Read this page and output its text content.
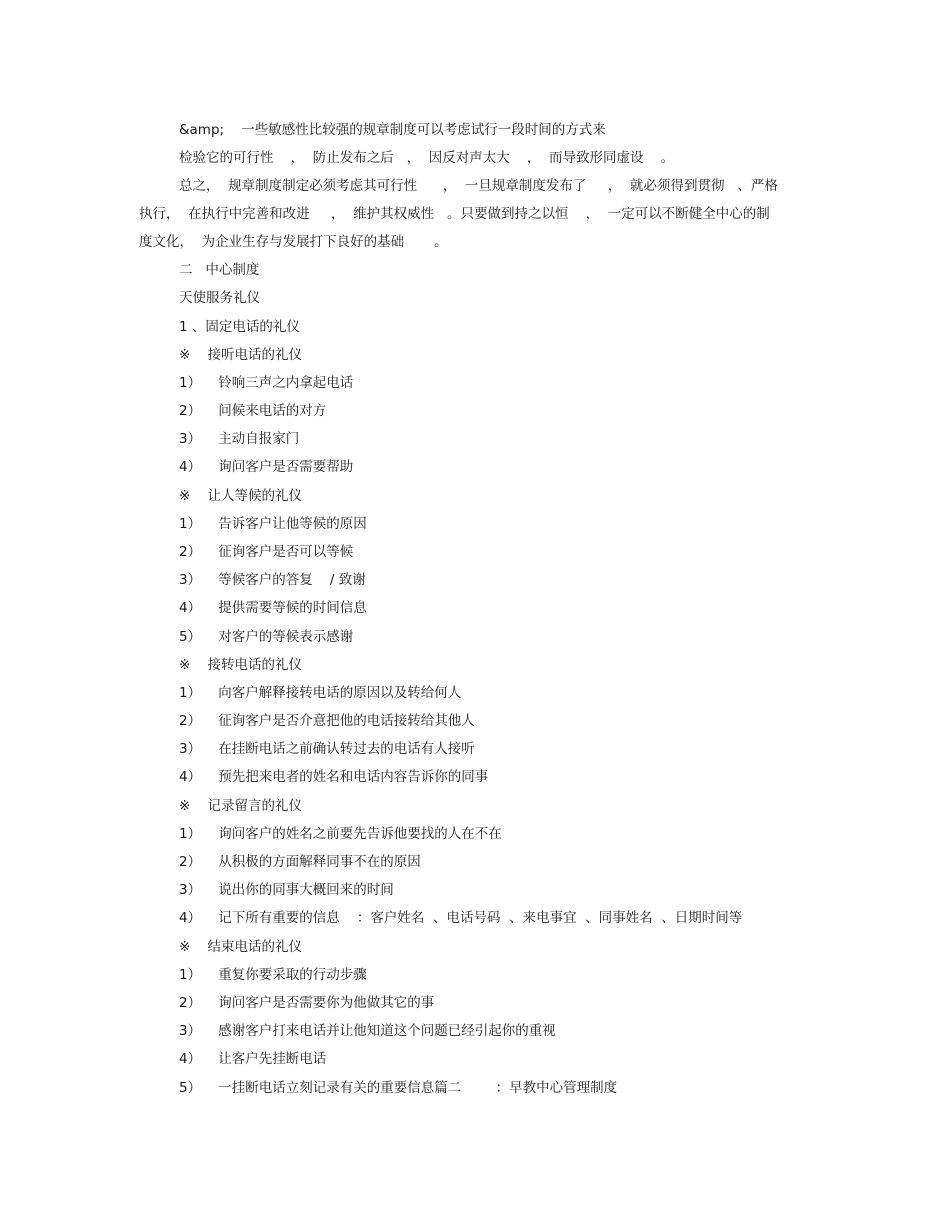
&amp;    一些敏感性比较强的规章制度可以考虑试行一段时间的方式来

检验它的可行性    ，  防止发布之后   ，  因反对声太大    ，  而导致形同虚设    。

总之，  规章制度制定必须考虑其可行性      ，  一旦规章制度发布了     ，  就必须得到贯彻   、严格

执行，  在执行中完善和改进     ，  维护其权威性   。只要做到持之以恒    ，  一定可以不断健全中心的制

度文化，  为企业生存与发展打下良好的基础       。

二   中心制度

天使服务礼仪

1 、固定电话的礼仪

※    接听电话的礼仪

1）    铃响三声之内拿起电话

2）    问候来电话的对方

3）    主动自报家门

4）    询问客户是否需要帮助

※    让人等候的礼仪

1）    告诉客户让他等候的原因

2）    征询客户是否可以等候

3）    等候客户的答复    / 致谢

4）    提供需要等候的时间信息

5）    对客户的等候表示感谢

※    接转电话的礼仪

1）    向客户解释接转电话的原因以及转给何人

2）    征询客户是否介意把他的电话接转给其他人

3）    在挂断电话之前确认转过去的电话有人接听

4）    预先把来电者的姓名和电话内容告诉你的同事

※    记录留言的礼仪

1）    询问客户的姓名之前要先告诉他要找的人在不在

2）    从积极的方面解释同事不在的原因

3）    说出你的同事大概回来的时间

4）    记下所有重要的信息    ：客户姓名  、电话号码  、来电事宜  、同事姓名  、日期时间等

※    结束电话的礼仪

1）    重复你要采取的行动步骤

2）    询问客户是否需要你为他做其它的事

3）    感谢客户打来电话并让他知道这个问题已经引起你的重视

4）    让客户先挂断电话

5）    一挂断电话立刻记录有关的重要信息篇二        ：早教中心管理制度
